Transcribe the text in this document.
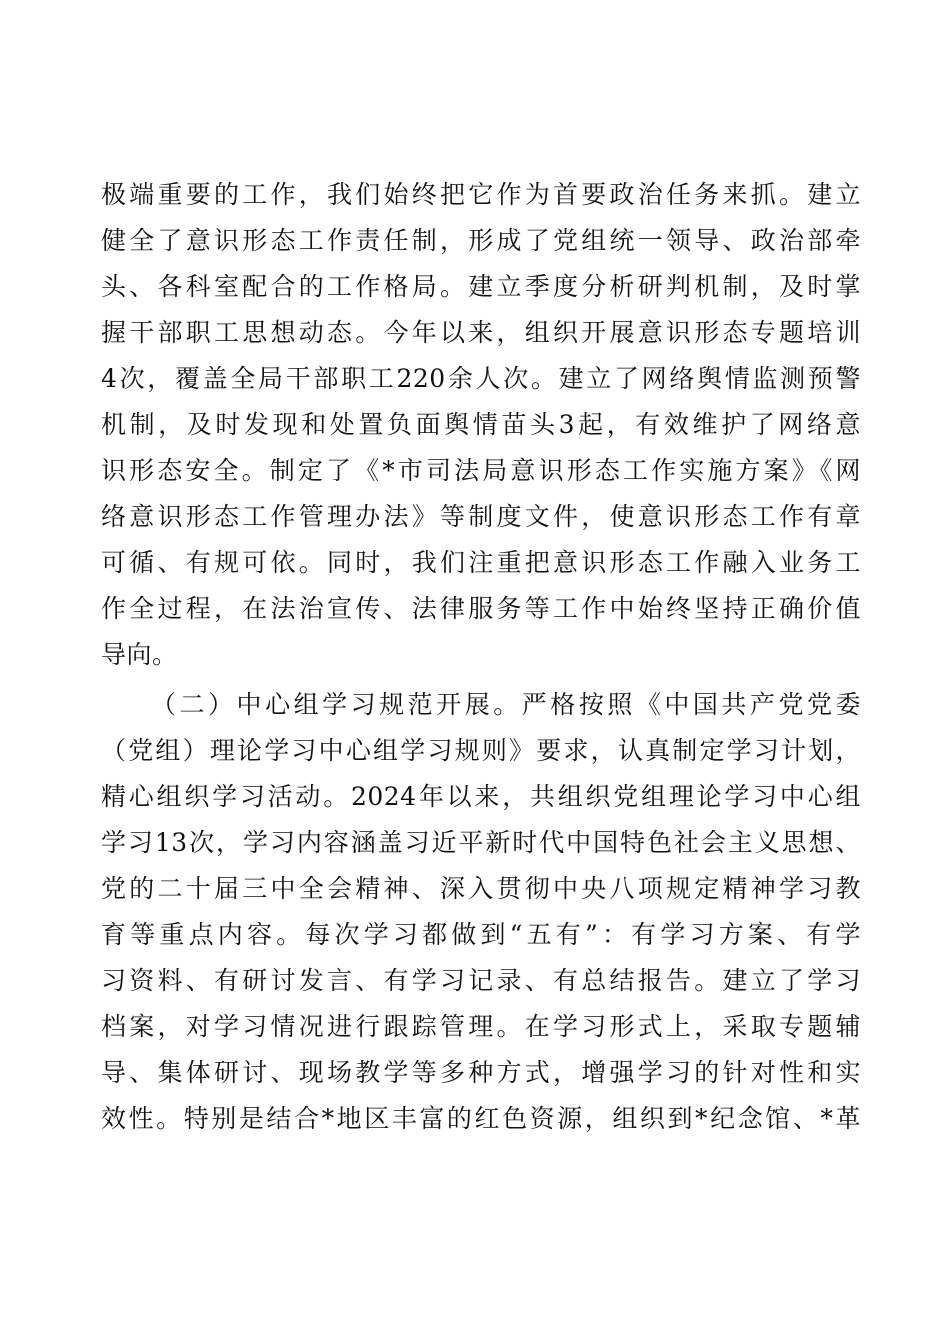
极端重要的工作，我们始终把它作为首要政治任务来抓。建立
健全了意识形态工作责任制，形成了党组统一领导、政治部牵
头、各科室配合的工作格局。建立季度分析研判机制，及时掌
握干部职工思想动态。今年以来，组织开展意识形态专题培训
4次，覆盖全局干部职工220余人次。建立了网络舆情监测预警
机制，及时发现和处置负面舆情苗头3起，有效维护了网络意
识形态安全。制定了《*市司法局意识形态工作实施方案》《网
络意识形态工作管理办法》等制度文件，使意识形态工作有章
可循、有规可依。同时，我们注重把意识形态工作融入业务工
作全过程，在法治宣传、法律服务等工作中始终坚持正确价值
导向。
（二）中心组学习规范开展。严格按照《中国共产党党委
（党组）理论学习中心组学习规则》要求，认真制定学习计划，
精心组织学习活动。2024年以来，共组织党组理论学习中心组
学习13次，学习内容涵盖习近平新时代中国特色社会主义思想、
党的二十届三中全会精神、深入贯彻中央八项规定精神学习教
育等重点内容。每次学习都做到“五有”：有学习方案、有学
习资料、有研讨发言、有学习记录、有总结报告。建立了学习
档案，对学习情况进行跟踪管理。在学习形式上，采取专题辅
导、集体研讨、现场教学等多种方式，增强学习的针对性和实
效性。特别是结合*地区丰富的红色资源，组织到*纪念馆、*革
